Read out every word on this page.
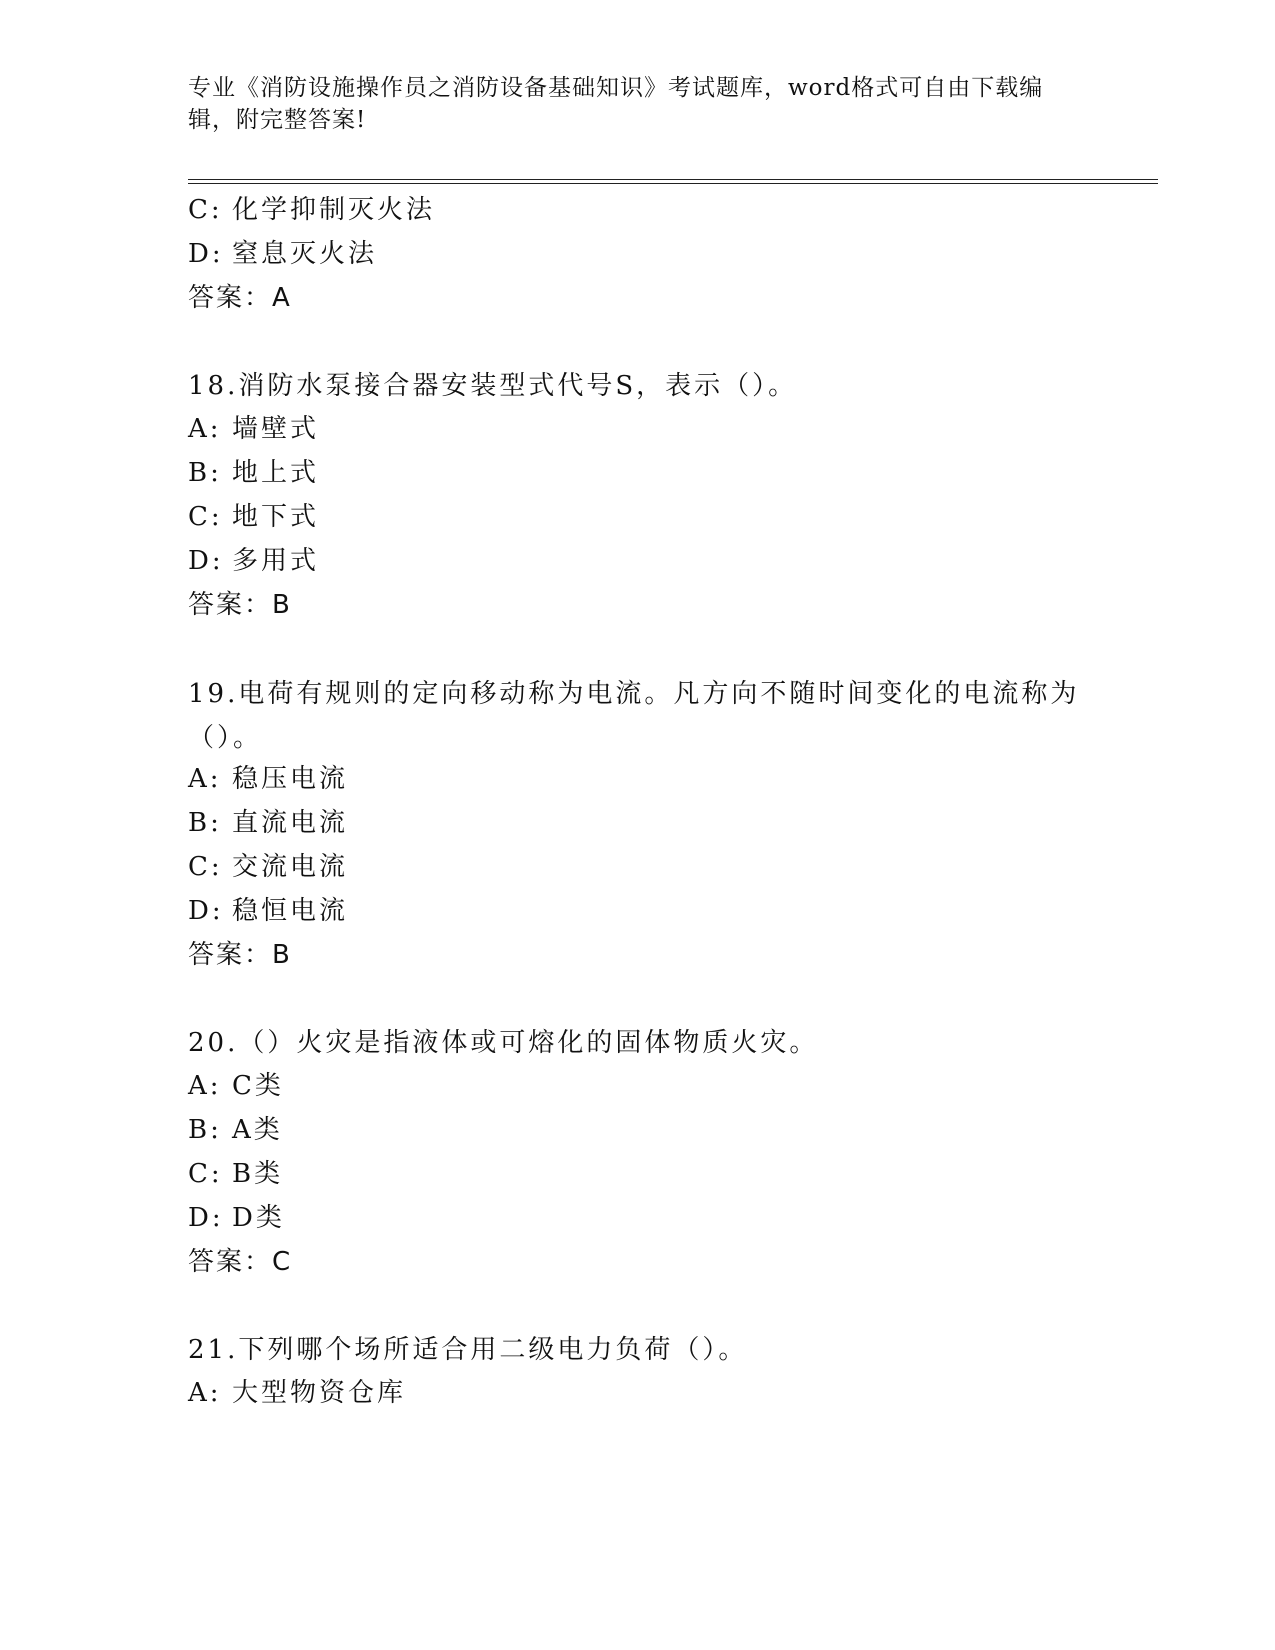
专业《消防设施操作员之消防设备基础知识》考试题库，word格式可自由下载编辑，附完整答案!
C: 化学抑制灭火法
D: 窒息灭火法
答案：A
18.消防水泵接合器安装型式代号S，表示（）。
A: 墙壁式
B: 地上式
C: 地下式
D: 多用式
答案：B
19.电荷有规则的定向移动称为电流。凡方向不随时间变化的电流称为（）。
A: 稳压电流
B: 直流电流
C: 交流电流
D: 稳恒电流
答案：B
20.（）火灾是指液体或可熔化的固体物质火灾。
A: C类
B: A类
C: B类
D: D类
答案：C
21.下列哪个场所适合用二级电力负荷（）。
A: 大型物资仓库
